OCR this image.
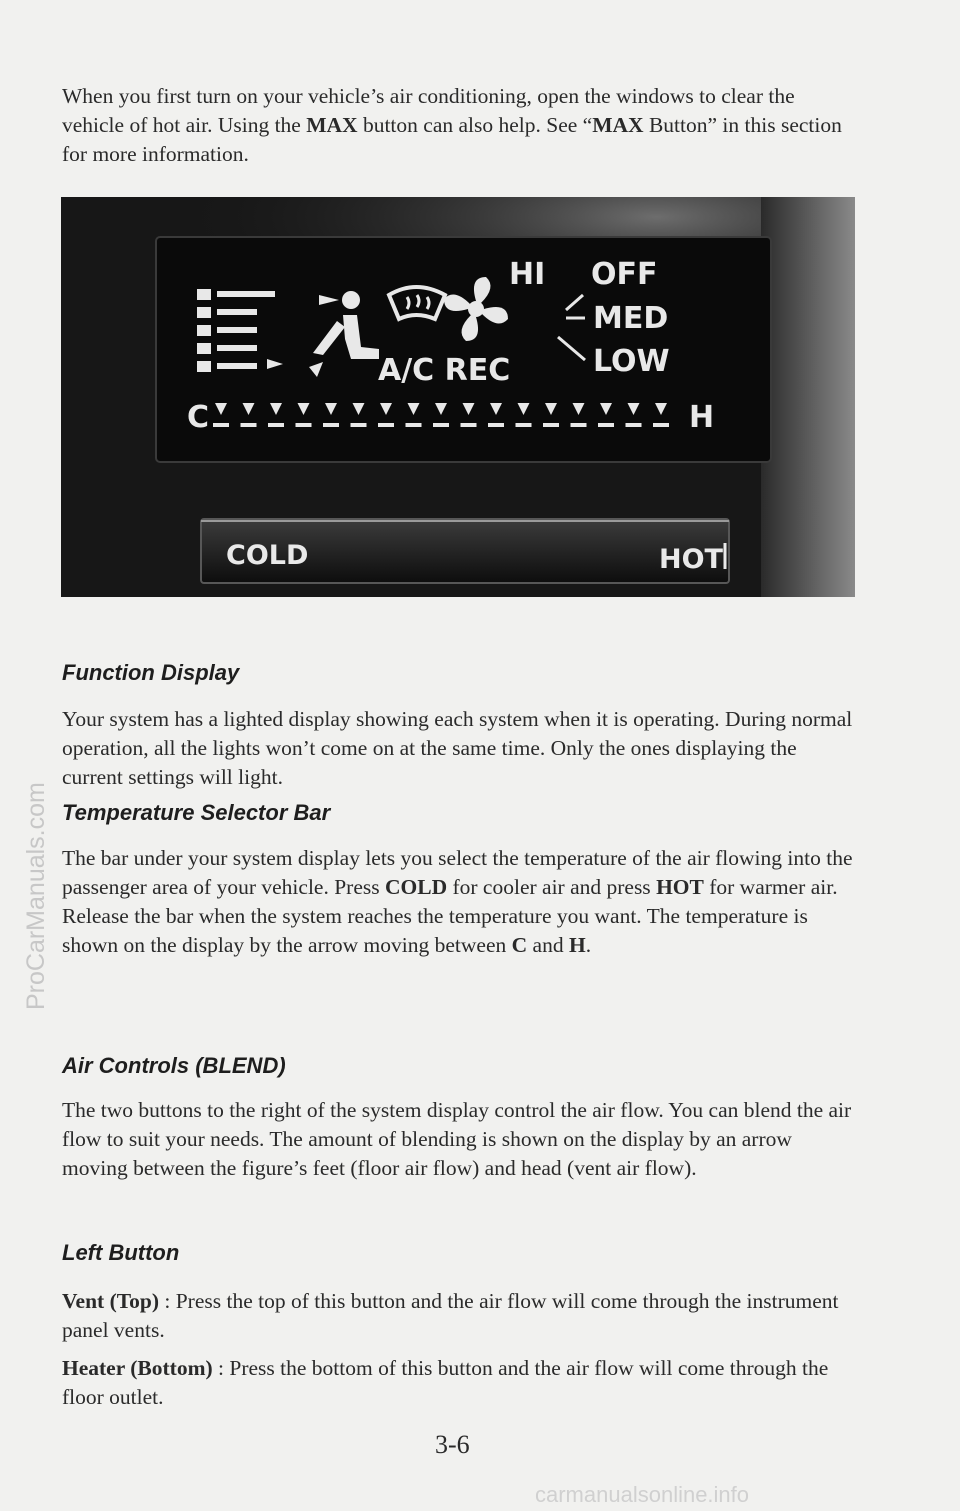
When you first turn on your vehicle’s air conditioning, open the windows to clear the vehicle of hot air. Using the MAX button can also help. See “MAX Button” in this section for more information.

HI OFF
MED
LOW
A/C REC
C	H
COLD	HOT
Function Display

Your system has a lighted display showing each system when it is operating. During normal operation, all the lights won’t come on at the same time. Only the ones displaying the current settings will light.

Temperature Selector Bar

The bar under your system display lets you select the temperature of the air flowing into the passenger area of your vehicle. Press COLD for cooler air and press HOT for warmer air. Release the bar when the system reaches the temperature you want. The temperature is shown on the display by the arrow moving between C and H.

Air Controls (BLEND)

The two buttons to the right of the system display control the air flow. You can blend the air flow to suit your needs. The amount of blending is shown on the display by an arrow moving between the figure’s feet (floor air flow) and head (vent air flow).

Left Button

Vent (Top) : Press the top of this button and the air flow will come through the instrument panel vents.

Heater (Bottom) : Press the bottom of this button and the air flow will come through the floor outlet.

3-6
ProCarManuals.com
carmanualsonline.info
